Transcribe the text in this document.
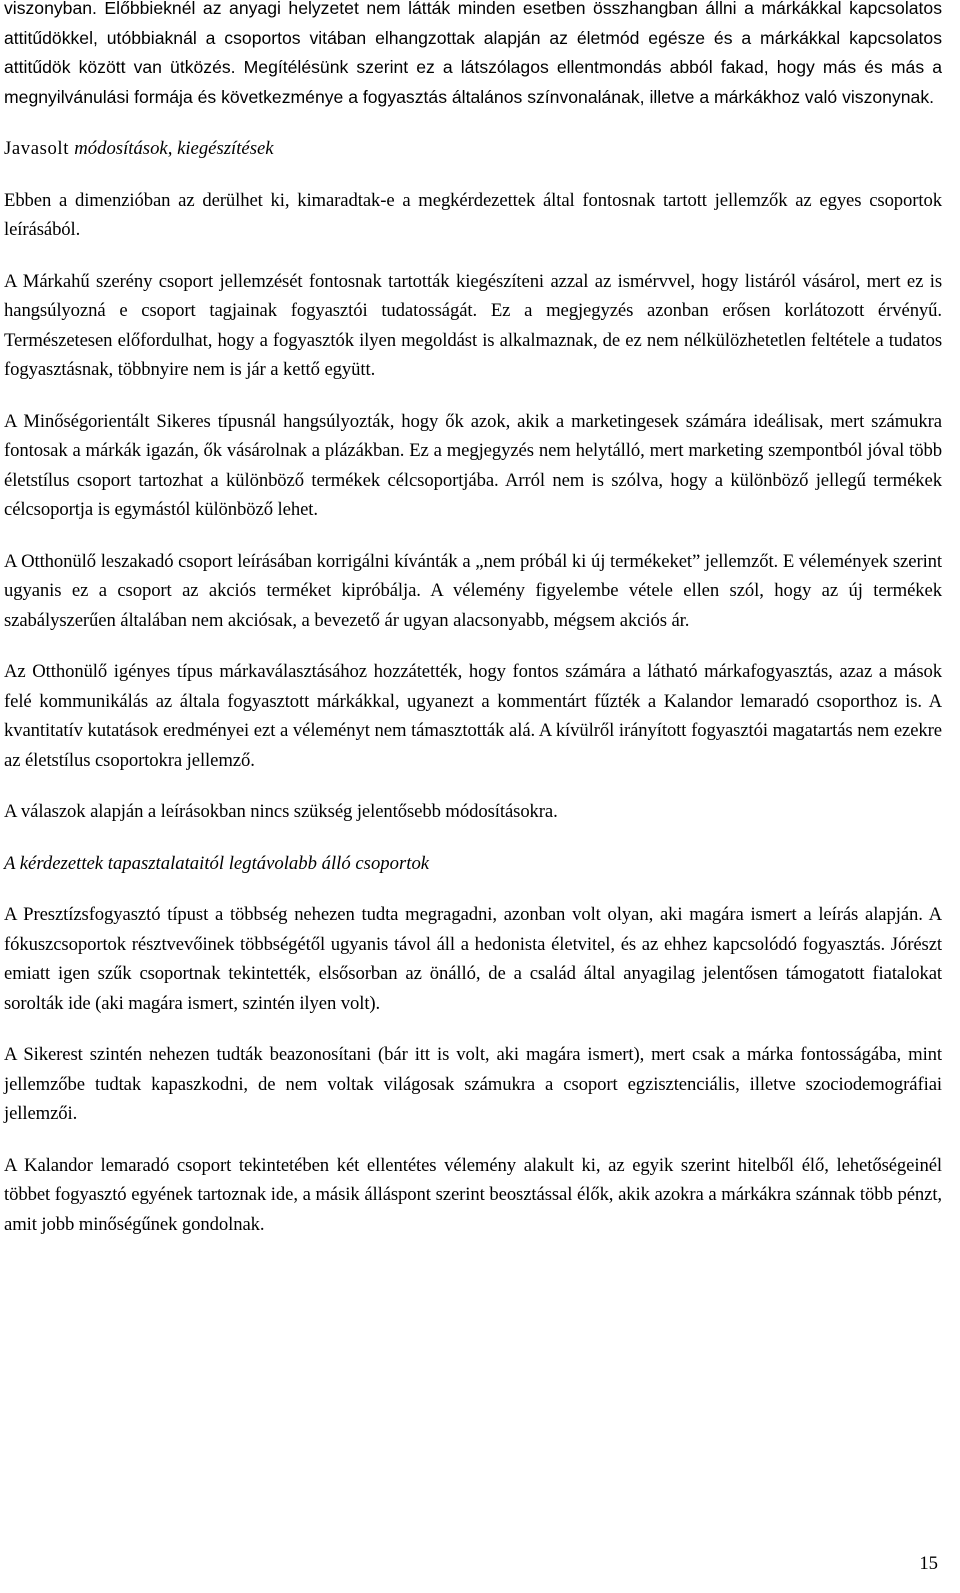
viszonyban. Előbbieknél az anyagi helyzetet nem látták minden esetben összhangban állni a márkákkal kapcsolatos attitűdökkel, utóbbiaknál a csoportos vitában elhangzottak alapján az életmód egésze és a márkákkal kapcsolatos attitűdök között van ütközés. Megítélésünk szerint ez a látszólagos ellentmondás abból fakad, hogy más és más a megnyilvánulási formája és következménye a fogyasztás általános színvonalának, illetve a márkákhoz való viszonynak.

Javasolt módosítások, kiegészítések

Ebben a dimenzióban az derülhet ki, kimaradtak-e a megkérdezettek által fontosnak tartott jellemzők az egyes csoportok leírásából.

A Márkahű szerény csoport jellemzését fontosnak tartották kiegészíteni azzal az ismérvvel, hogy listáról vásárol, mert ez is hangsúlyozná e csoport tagjainak fogyasztói tudatosságát. Ez a megjegyzés azonban erősen korlátozott érvényű. Természetesen előfordulhat, hogy a fogyasztók ilyen megoldást is alkalmaznak, de ez nem nélkülözhetetlen feltétele a tudatos fogyasztásnak, többnyire nem is jár a kettő együtt.

A Minőségorientált Sikeres típusnál hangsúlyozták, hogy ők azok, akik a marketingesek számára ideálisak, mert számukra fontosak a márkák igazán, ők vásárolnak a plázákban. Ez a megjegyzés nem helytálló, mert marketing szempontból jóval több életstílus csoport tartozhat a különböző termékek célcsoportjába. Arról nem is szólva, hogy a különböző jellegű termékek célcsoportja is egymástól különböző lehet.

A Otthonülő leszakadó csoport leírásában korrigálni kívánták a „nem próbál ki új termékeket” jellemzőt. E vélemények szerint ugyanis ez a csoport az akciós terméket kipróbálja. A vélemény figyelembe vétele ellen szól, hogy az új termékek szabályszerűen általában nem akciósak, a bevezető ár ugyan alacsonyabb, mégsem akciós ár.

Az Otthonülő igényes típus márkaválasztásához hozzátették, hogy fontos számára a látható márkafogyasztás, azaz a mások felé kommunikálás az általa fogyasztott márkákkal, ugyanezt a kommentárt fűzték a Kalandor lemaradó csoporthoz is. A kvantitatív kutatások eredményei ezt a véleményt nem támasztották alá. A kívülről irányított fogyasztói magatartás nem ezekre az életstílus csoportokra jellemző.

A válaszok alapján a leírásokban nincs szükség jelentősebb módosításokra.

A kérdezettek tapasztalataitól legtávolabb álló csoportok

A Presztízsfogyasztó típust a többség nehezen tudta megragadni, azonban volt olyan, aki magára ismert a leírás alapján. A fókuszcsoportok résztvevőinek többségétől ugyanis távol áll a hedonista életvitel, és az ehhez kapcsolódó fogyasztás. Jórészt emiatt igen szűk csoportnak tekintették, elsősorban az önálló, de a család által anyagilag jelentősen támogatott fiatalokat sorolták ide (aki magára ismert, szintén ilyen volt).

A Sikerest szintén nehezen tudták beazonosítani (bár itt is volt, aki magára ismert), mert csak a márka fontosságába, mint jellemzőbe tudtak kapaszkodni, de nem voltak világosak számukra a csoport egzisztenciális, illetve szociodemográfiai jellemzői.

A Kalandor lemaradó csoport tekintetében két ellentétes vélemény alakult ki, az egyik szerint hitelből élő, lehetőségeinél többet fogyasztó egyének tartoznak ide, a másik álláspont szerint beosztással élők, akik azokra a márkákra szánnak több pénzt, amit jobb minőségűnek gondolnak.

15
